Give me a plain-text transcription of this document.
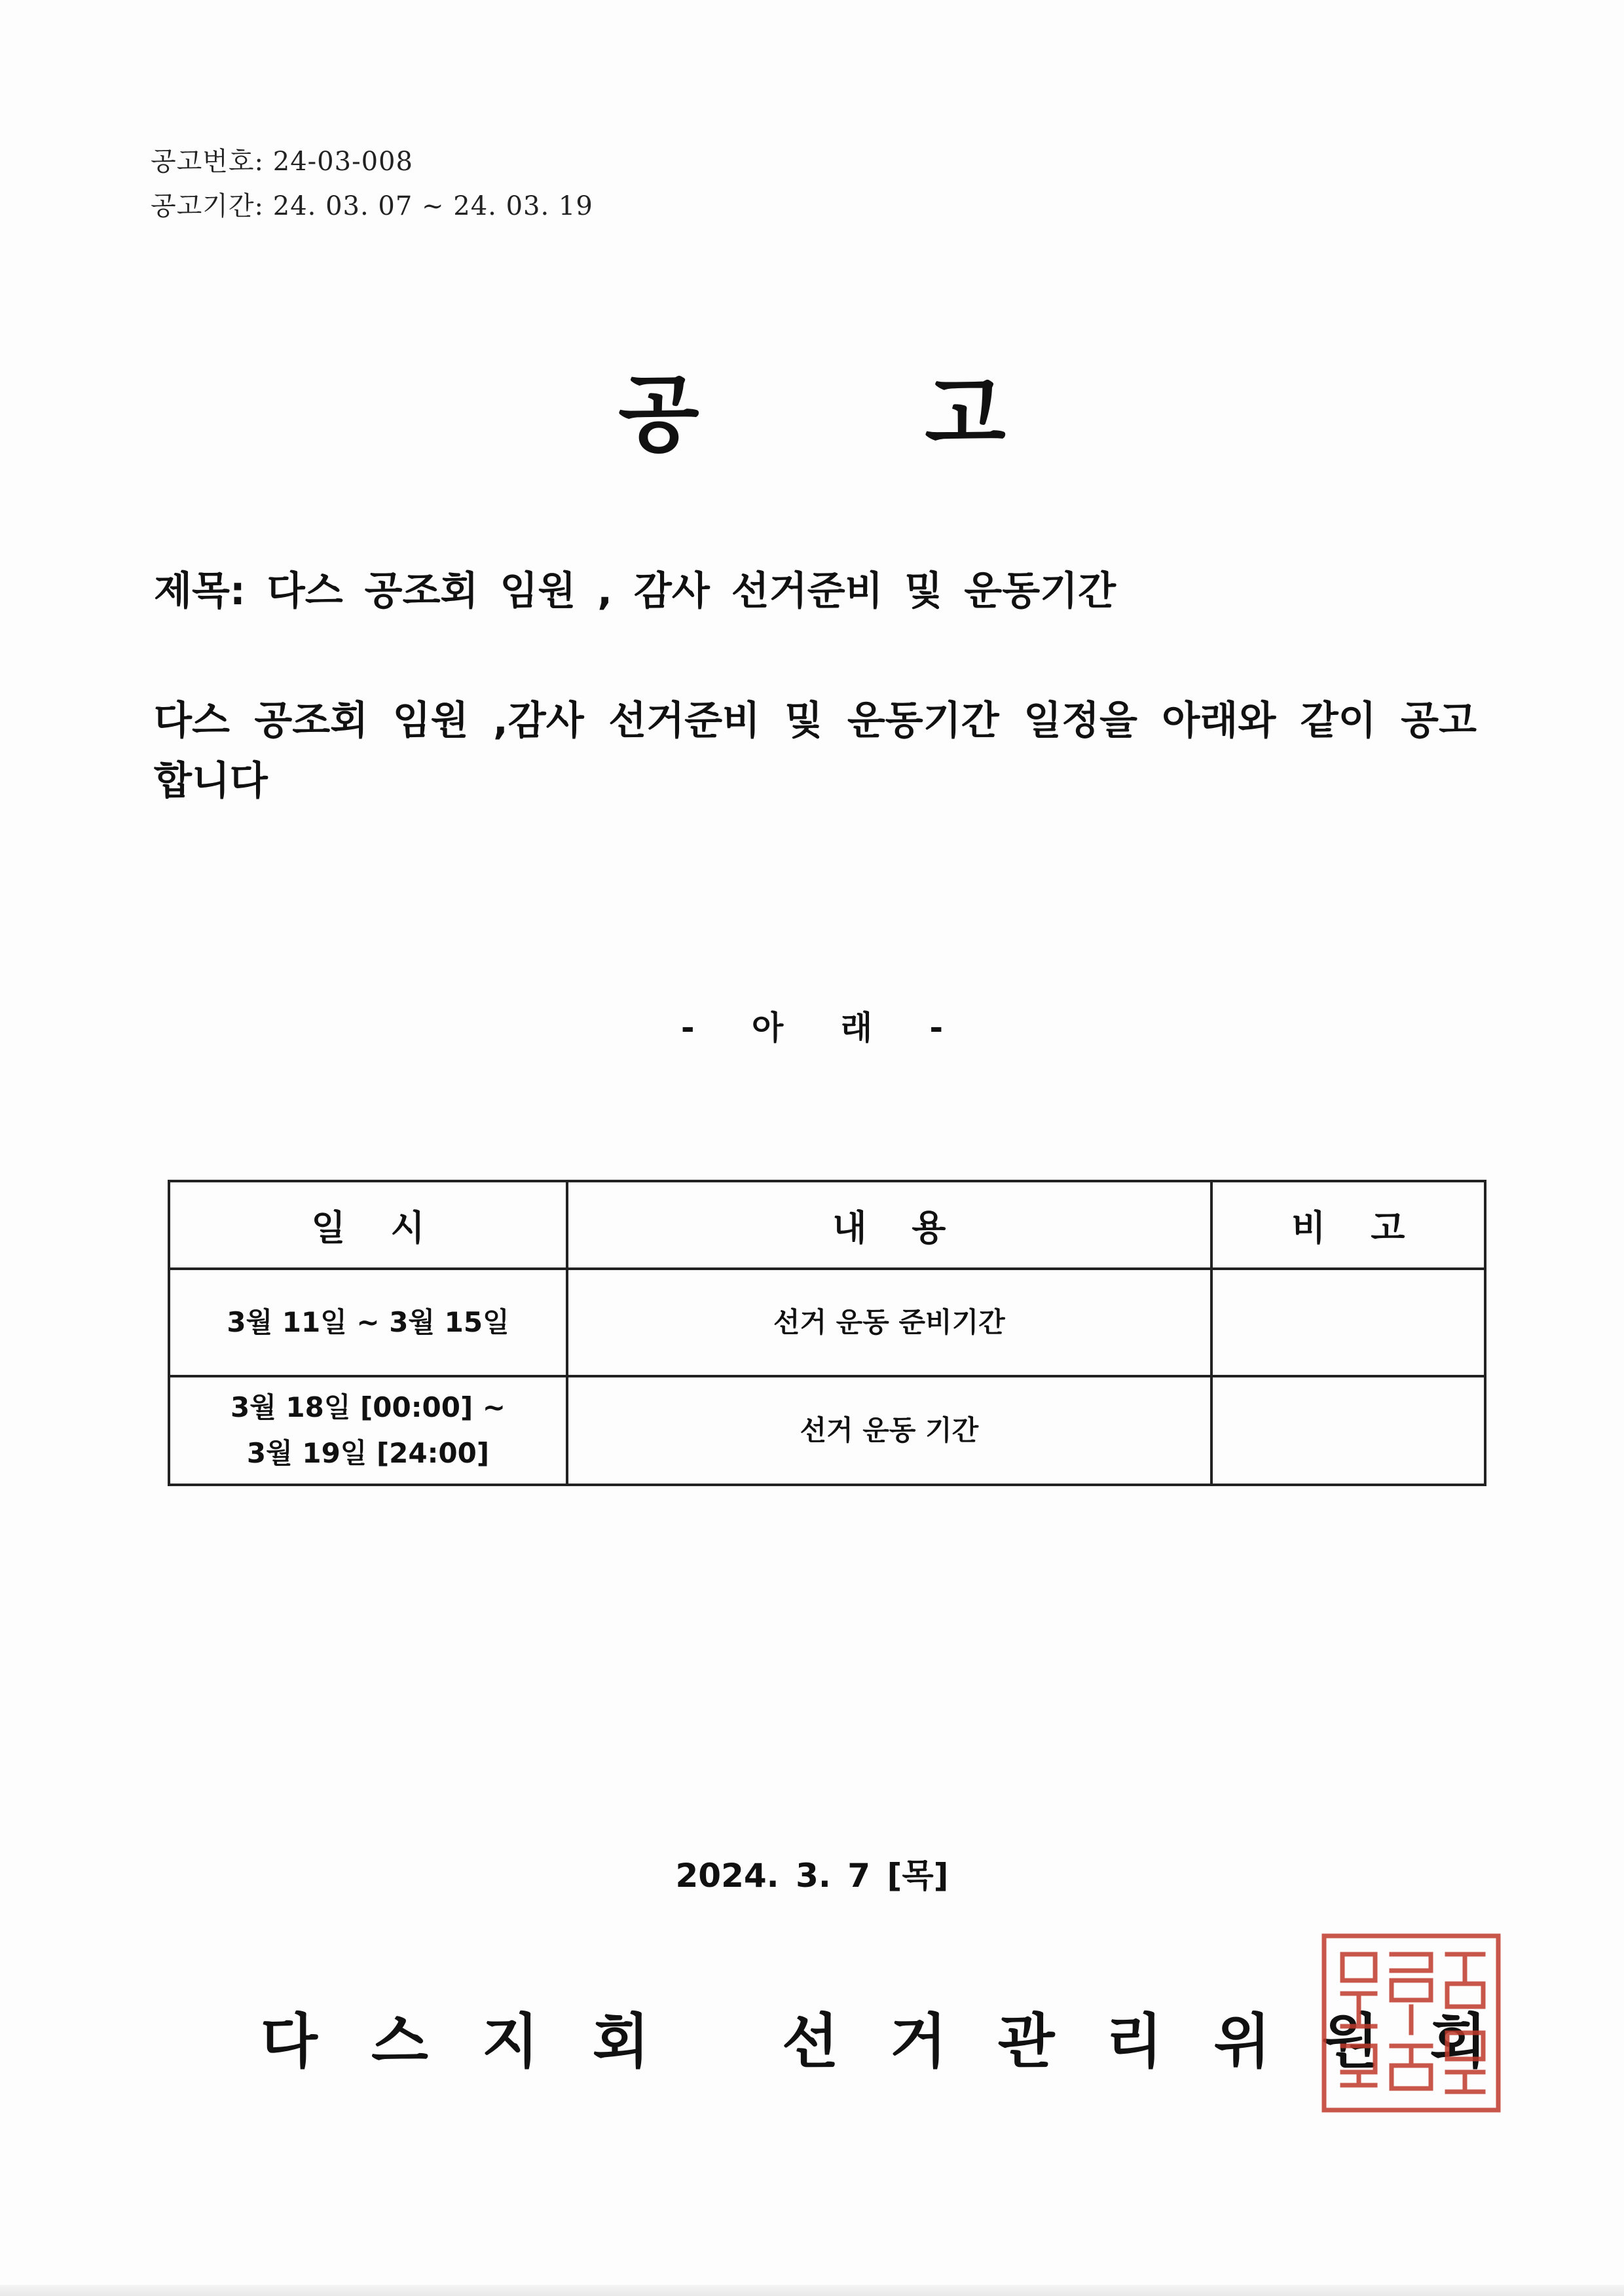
공고번호: 24-03-008
공고기간: 24. 03. 07 ~ 24. 03. 19
공 고
제목: 다스 공조회 임원 , 감사 선거준비 및 운동기간
다스 공조회 임원 ,감사 선거준비 및 운동기간 일정을 아래와 같이 공고합니다
- 아 래 -
일 시	내 용	비 고

3월 11일 ~ 3월 15일	선거 운동 준비기간	

3월 18일 [00:00] ~
3월 19일 [24:00]	선거 운동 기간	
2024. 3. 7 [목]
다스지회 선거관리위원회
